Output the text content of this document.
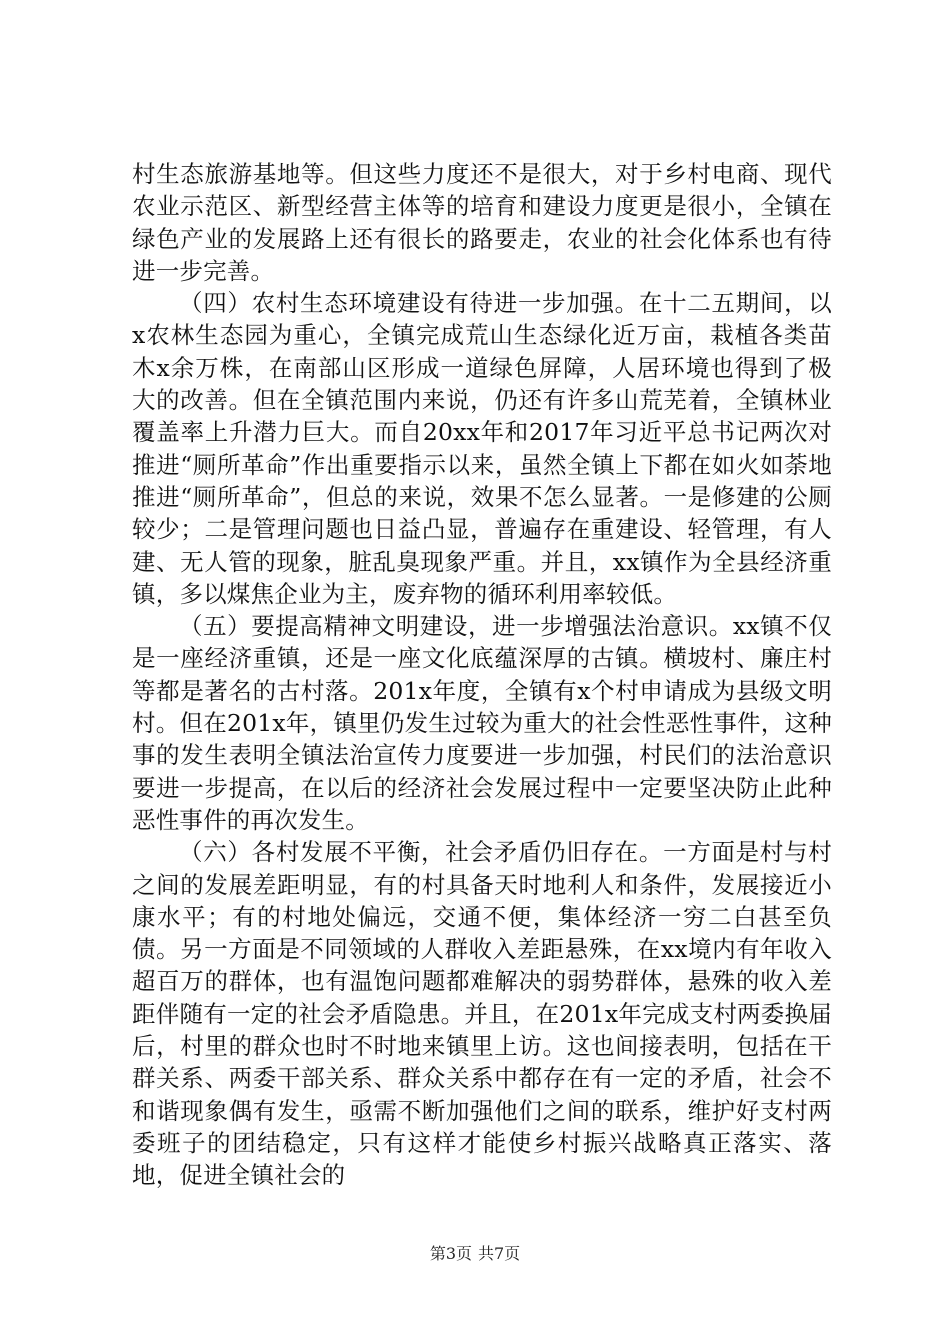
村生态旅游基地等。但这些力度还不是很大，对于乡村电商、现代农业示范区、新型经营主体等的培育和建设力度更是很小，全镇在绿色产业的发展路上还有很长的路要走，农业的社会化体系也有待进一步完善。

（四）农村生态环境建设有待进一步加强。在十二五期间，以x农林生态园为重心，全镇完成荒山生态绿化近万亩，栽植各类苗木x余万株，在南部山区形成一道绿色屏障，人居环境也得到了极大的改善。但在全镇范围内来说，仍还有许多山荒芜着，全镇林业覆盖率上升潜力巨大。而自20xx年和2017年习近平总书记两次对推进“厕所革命”作出重要指示以来，虽然全镇上下都在如火如荼地推进“厕所革命”，但总的来说，效果不怎么显著。一是修建的公厕较少；二是管理问题也日益凸显，普遍存在重建设、轻管理，有人建、无人管的现象，脏乱臭现象严重。并且，xx镇作为全县经济重镇，多以煤焦企业为主，废弃物的循环利用率较低。

（五）要提高精神文明建设，进一步增强法治意识。xx镇不仅是一座经济重镇，还是一座文化底蕴深厚的古镇。横坡村、廉庄村等都是著名的古村落。201x年度，全镇有x个村申请成为县级文明村。但在201x年，镇里仍发生过较为重大的社会性恶性事件，这种事的发生表明全镇法治宣传力度要进一步加强，村民们的法治意识要进一步提高，在以后的经济社会发展过程中一定要坚决防止此种恶性事件的再次发生。

（六）各村发展不平衡，社会矛盾仍旧存在。一方面是村与村之间的发展差距明显，有的村具备天时地利人和条件，发展接近小康水平；有的村地处偏远，交通不便，集体经济一穷二白甚至负债。另一方面是不同领域的人群收入差距悬殊，在xx境内有年收入超百万的群体，也有温饱问题都难解决的弱势群体，悬殊的收入差距伴随有一定的社会矛盾隐患。并且，在201x年完成支村两委换届后，村里的群众也时不时地来镇里上访。这也间接表明，包括在干群关系、两委干部关系、群众关系中都存在有一定的矛盾，社会不和谐现象偶有发生，亟需不断加强他们之间的联系，维护好支村两委班子的团结稳定，只有这样才能使乡村振兴战略真正落实、落地，促进全镇社会的

第3页 共7页
